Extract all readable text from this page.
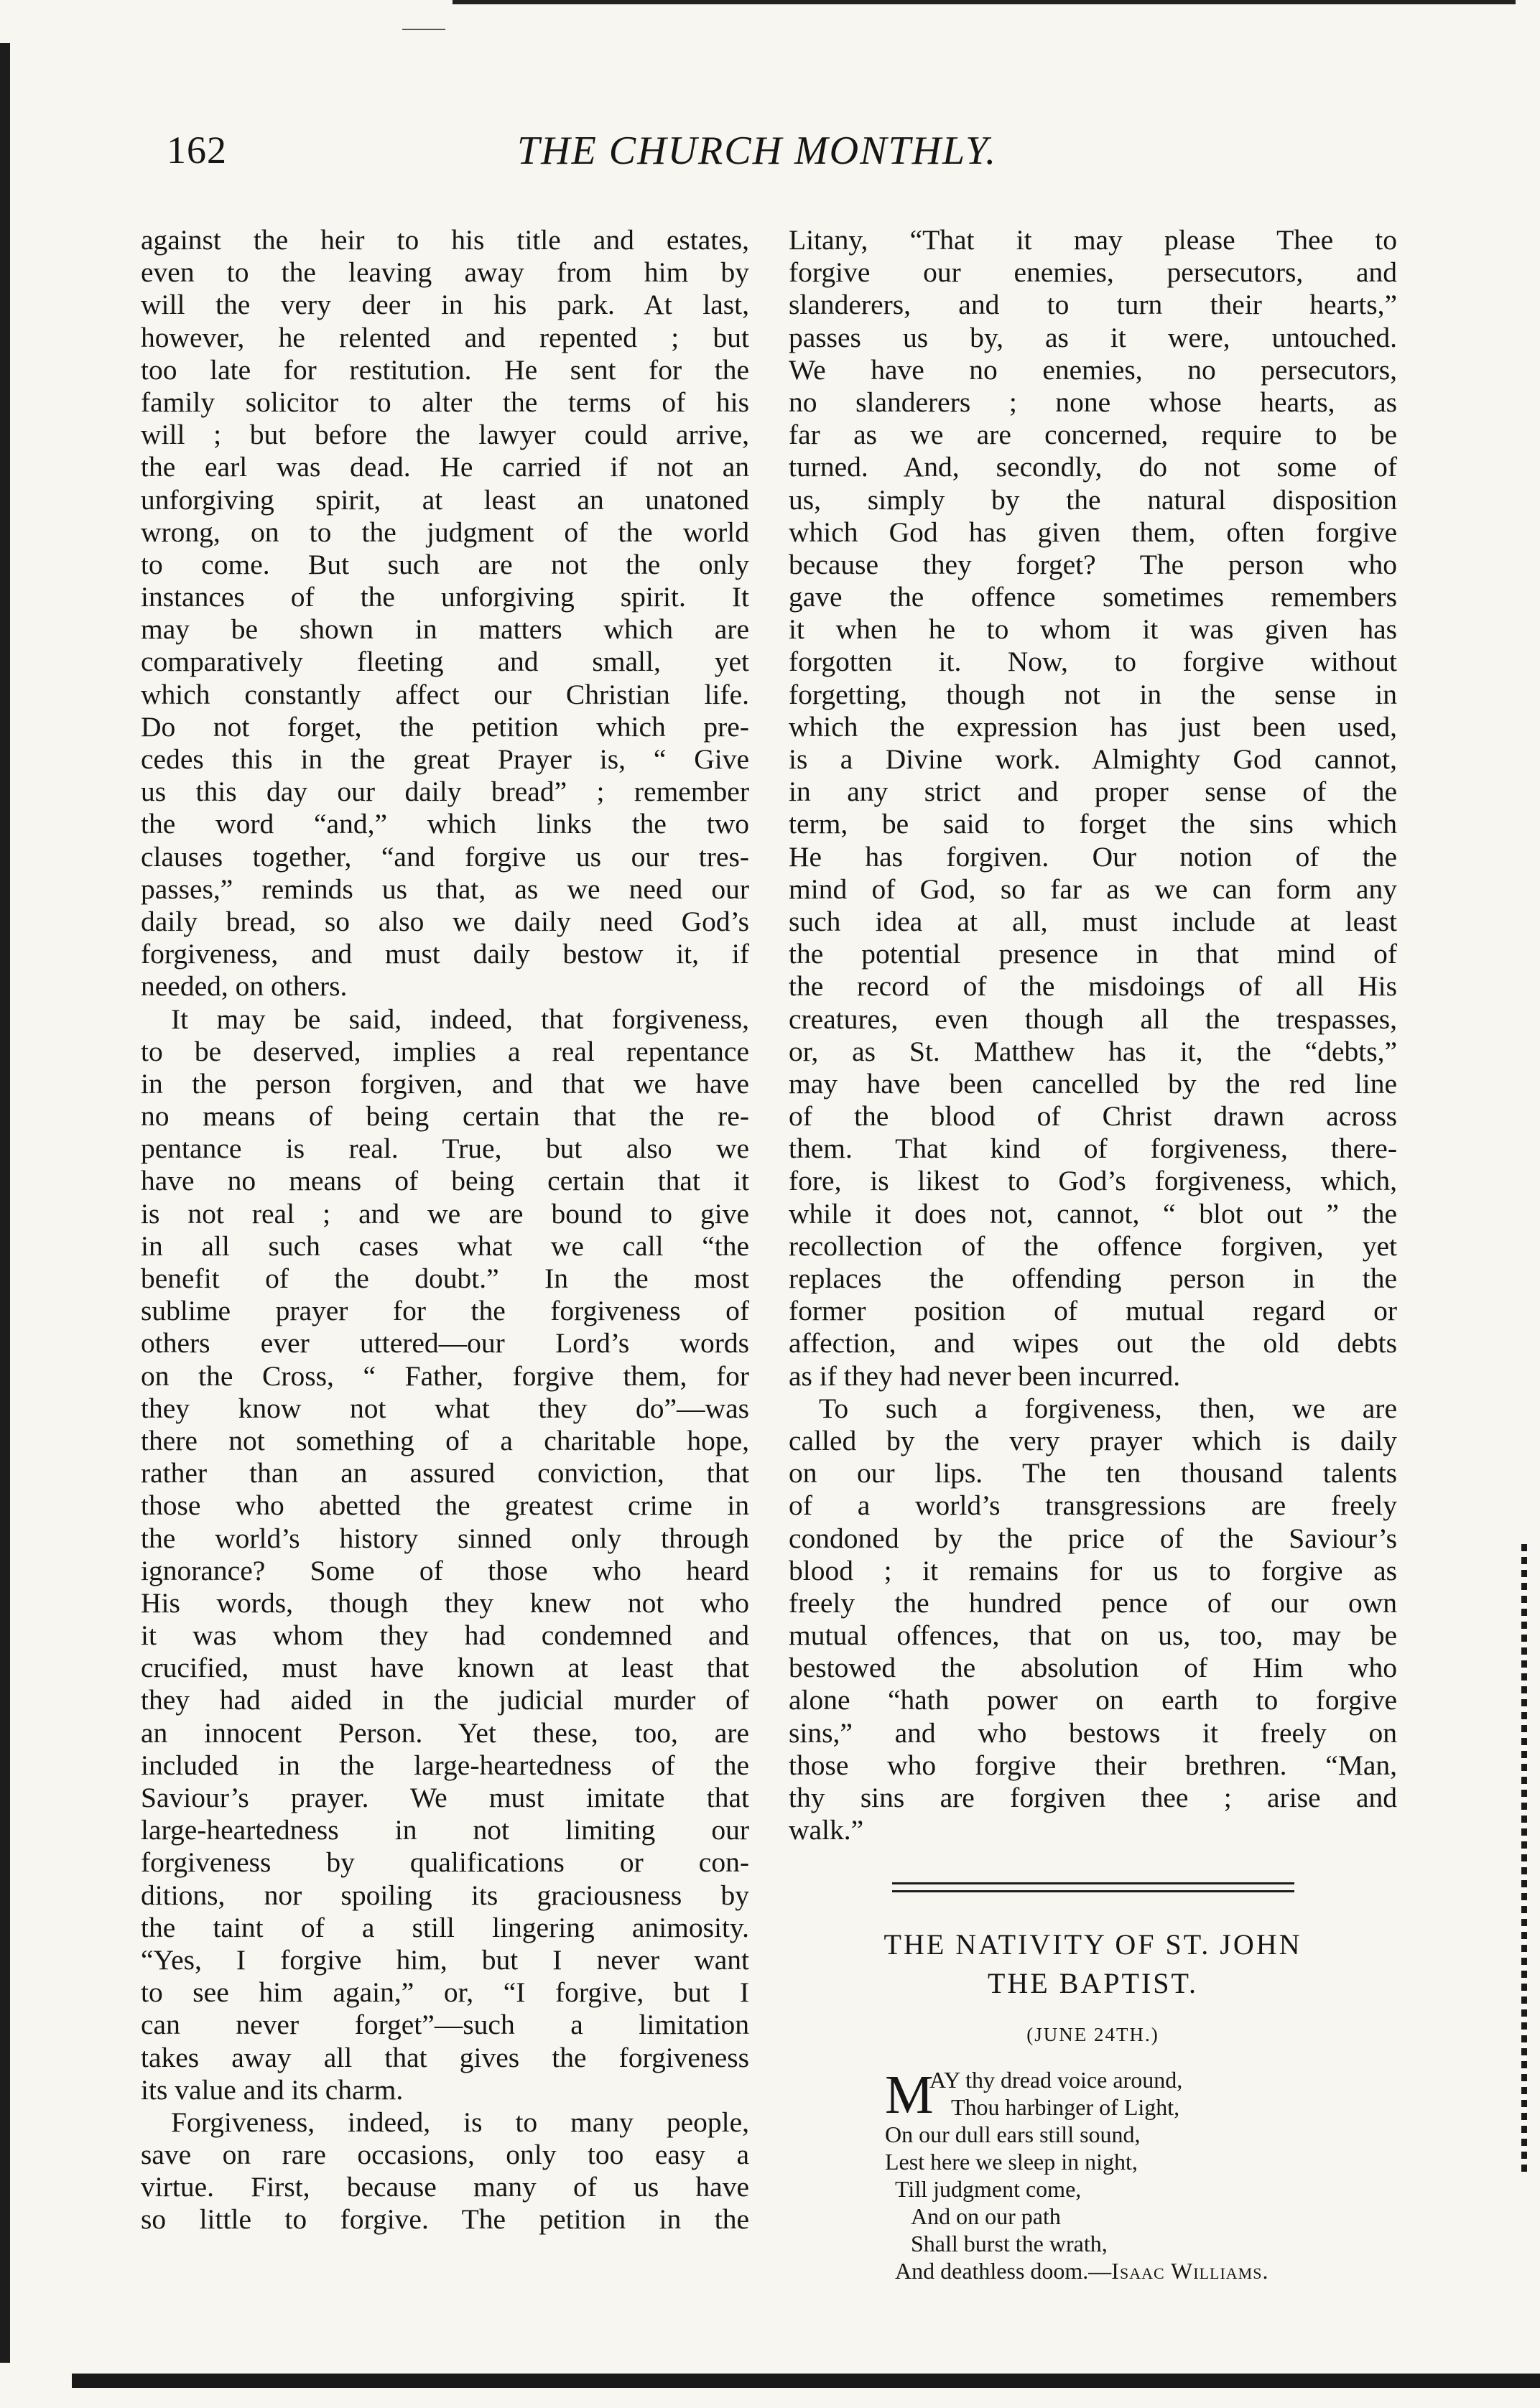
162	THE CHURCH MONTHLY.
against the heir to his title and estates,
even to the leaving away from him by
will the very deer in his park. At last,
however, he relented and repented ; but
too late for restitution. He sent for the
family solicitor to alter the terms of his
will ; but before the lawyer could arrive,
the earl was dead. He carried if not an
unforgiving spirit, at least an unatoned
wrong, on to the judgment of the world
to come. But such are not the only
instances of the unforgiving spirit. It
may be shown in matters which are
comparatively fleeting and small, yet
which constantly affect our Christian life.
Do not forget, the petition which pre-
cedes this in the great Prayer is, “ Give
us this day our daily bread” ; remember
the word “and,” which links the two
clauses together, “and forgive us our tres-
passes,” reminds us that, as we need our
daily bread, so also we daily need God’s
forgiveness, and must daily bestow it, if
needed, on others.
It may be said, indeed, that forgiveness,
to be deserved, implies a real repentance
in the person forgiven, and that we have
no means of being certain that the re-
pentance is real. True, but also we
have no means of being certain that it
is not real ; and we are bound to give
in all such cases what we call “the
benefit of the doubt.” In the most
sublime prayer for the forgiveness of
others ever uttered—our Lord’s words
on the Cross, “ Father, forgive them, for
they know not what they do”—was
there not something of a charitable hope,
rather than an assured conviction, that
those who abetted the greatest crime in
the world’s history sinned only through
ignorance? Some of those who heard
His words, though they knew not who
it was whom they had condemned and
crucified, must have known at least that
they had aided in the judicial murder of
an innocent Person. Yet these, too, are
included in the large-heartedness of the
Saviour’s prayer. We must imitate that
large-heartedness in not limiting our
forgiveness by qualifications or con-
ditions, nor spoiling its graciousness by
the taint of a still lingering animosity.
“Yes, I forgive him, but I never want
to see him again,” or, “I forgive, but I
can never forget”—such a limitation
takes away all that gives the forgiveness
its value and its charm.
Forgiveness, indeed, is to many people,
save on rare occasions, only too easy a
virtue. First, because many of us have
so little to forgive. The petition in the
Litany, “That it may please Thee to
forgive our enemies, persecutors, and
slanderers, and to turn their hearts,”
passes us by, as it were, untouched.
We have no enemies, no persecutors,
no slanderers ; none whose hearts, as
far as we are concerned, require to be
turned. And, secondly, do not some of
us, simply by the natural disposition
which God has given them, often forgive
because they forget? The person who
gave the offence sometimes remembers
it when he to whom it was given has
forgotten it. Now, to forgive without
forgetting, though not in the sense in
which the expression has just been used,
is a Divine work. Almighty God cannot,
in any strict and proper sense of the
term, be said to forget the sins which
He has forgiven. Our notion of the
mind of God, so far as we can form any
such idea at all, must include at least
the potential presence in that mind of
the record of the misdoings of all His
creatures, even though all the trespasses,
or, as St. Matthew has it, the “debts,”
may have been cancelled by the red line
of the blood of Christ drawn across
them. That kind of forgiveness, there-
fore, is likest to God’s forgiveness, which,
while it does not, cannot, “ blot out ” the
recollection of the offence forgiven, yet
replaces the offending person in the
former position of mutual regard or
affection, and wipes out the old debts
as if they had never been incurred.
To such a forgiveness, then, we are
called by the very prayer which is daily
on our lips. The ten thousand talents
of a world’s transgressions are freely
condoned by the price of the Saviour’s
blood ; it remains for us to forgive as
freely the hundred pence of our own
mutual offences, that on us, too, may be
bestowed the absolution of Him who
alone “hath power on earth to forgive
sins,” and who bestows it freely on
those who forgive their brethren. “Man,
thy sins are forgiven thee ; arise and
walk.”
THE NATIVITY OF ST. JOHN
THE BAPTIST.
(JUNE 24TH.)
M
AY thy dread voice around,
Thou harbinger of Light,
On our dull ears still sound,
Lest here we sleep in night,
Till judgment come,
And on our path
Shall burst the wrath,
And deathless doom.—Isaac Williams.
